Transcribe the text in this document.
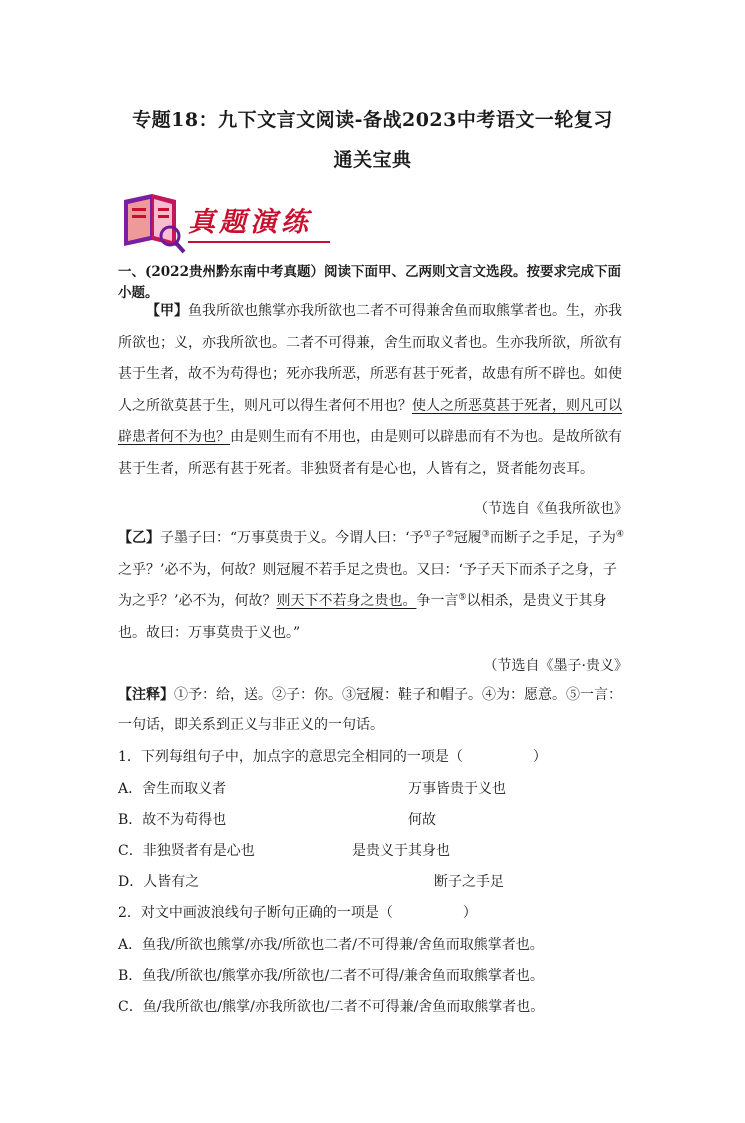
专题18：九下文言文阅读-备战2023中考语文一轮复习
通关宝典
真题演练
一、(2022贵州黔东南中考真题）阅读下面甲、乙两则文言文选段。按要求完成下面小题。

【甲】鱼我所欲也熊掌亦我所欲也二者不可得兼舍鱼而取熊掌者也。生，亦我所欲也；义，亦我所欲也。二者不可得兼，舍生而取义者也。生亦我所欲，所欲有甚于生者，故不为苟得也；死亦我所恶，所恶有甚于死者，故患有所不辟也。如使人之所欲莫甚于生，则凡可以得生者何不用也？使人之所恶莫甚于死者，则凡可以辟患者何不为也？由是则生而有不用也，由是则可以辟患而有不为也。是故所欲有甚于生者，所恶有甚于死者。非独贤者有是心也，人皆有之，贤者能勿丧耳。

（节选自《鱼我所欲也》

【乙】子墨子曰：“万事莫贵于义。今谓人曰：‘予①子②冠履③而断子之手足，子为④之乎？’必不为，何故？则冠履不若手足之贵也。又曰：‘予子天下而杀子之身，子为之乎？’必不为，何故？则天下不若身之贵也。争一言⑤以相杀，是贵义于其身也。故曰：万事莫贵于义也。”

（节选自《墨子·贵义》

【注释】①予：给，送。②子：你。③冠履：鞋子和帽子。④为：愿意。⑤一言：一句话，即关系到正义与非正义的一句话。

1．下列每组句子中，加点字的意思完全相同的一项是（　　　　　）
A．舍生而取义者	万事皆贵于义也
B．故不为苟得也	何故
C．非独贤者有是心也	是贵义于其身也
D．人皆有之	断子之手足
2．对文中画波浪线句子断句正确的一项是（　　　　　）
A．鱼我/所欲也熊掌/亦我/所欲也二者/不可得兼/舍鱼而取熊掌者也。
B．鱼我/所欲也/熊掌亦我/所欲也/二者不可得/兼舍鱼而取熊掌者也。
C．鱼/我所欲也/熊掌/亦我所欲也/二者不可得兼/舍鱼而取熊掌者也。
